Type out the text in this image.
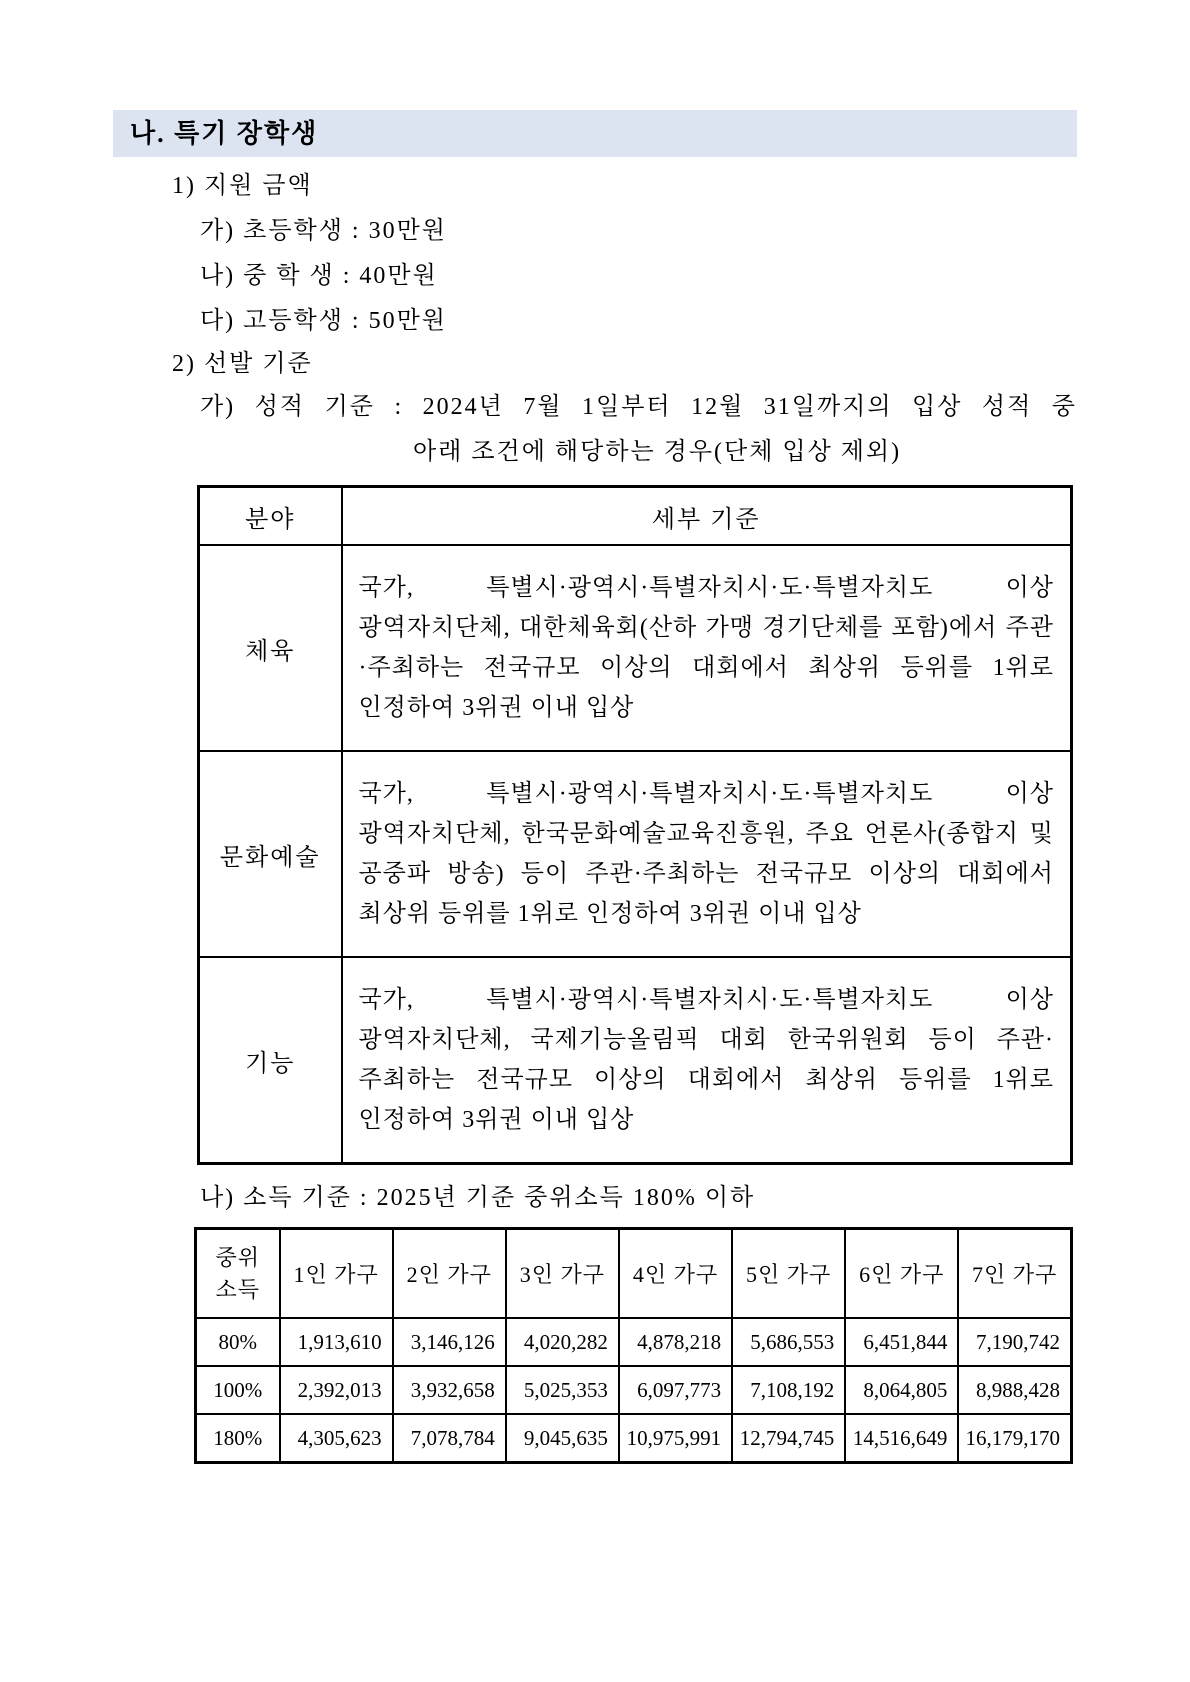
나. 특기 장학생
1) 지원 금액
가) 초등학생 : 30만원
나) 중 학 생 : 40만원
다) 고등학생 : 50만원
2) 선발 기준
가) 성적 기준 : 2024년 7월 1일부터 12월 31일까지의 입상 성적 중
아래 조건에 해당하는 경우(단체 입상 제외)
분야	세부 기준
체육	국가, 특별시·광역시·특별자치시·도·특별자치도 이상 광역자치단체, 대한체육회(산하 가맹 경기단체를 포함)에서 주관·주최하는 전국규모 이상의 대회에서 최상위 등위를 1위로 인정하여 3위권 이내 입상
문화예술	국가, 특별시·광역시·특별자치시·도·특별자치도 이상 광역자치단체, 한국문화예술교육진흥원, 주요 언론사(종합지 및 공중파 방송) 등이 주관·주최하는 전국규모 이상의 대회에서 최상위 등위를 1위로 인정하여 3위권 이내 입상
기능	국가, 특별시·광역시·특별자치시·도·특별자치도 이상 광역자치단체, 국제기능올림픽 대회 한국위원회 등이 주관·주최하는 전국규모 이상의 대회에서 최상위 등위를 1위로 인정하여 3위권 이내 입상
나) 소득 기준 : 2025년 기준 중위소득 180% 이하
중위소득	1인 가구	2인 가구	3인 가구	4인 가구	5인 가구	6인 가구	7인 가구
80%	1,913,610	3,146,126	4,020,282	4,878,218	5,686,553	6,451,844	7,190,742
100%	2,392,013	3,932,658	5,025,353	6,097,773	7,108,192	8,064,805	8,988,428
180%	4,305,623	7,078,784	9,045,635	10,975,991	12,794,745	14,516,649	16,179,170
